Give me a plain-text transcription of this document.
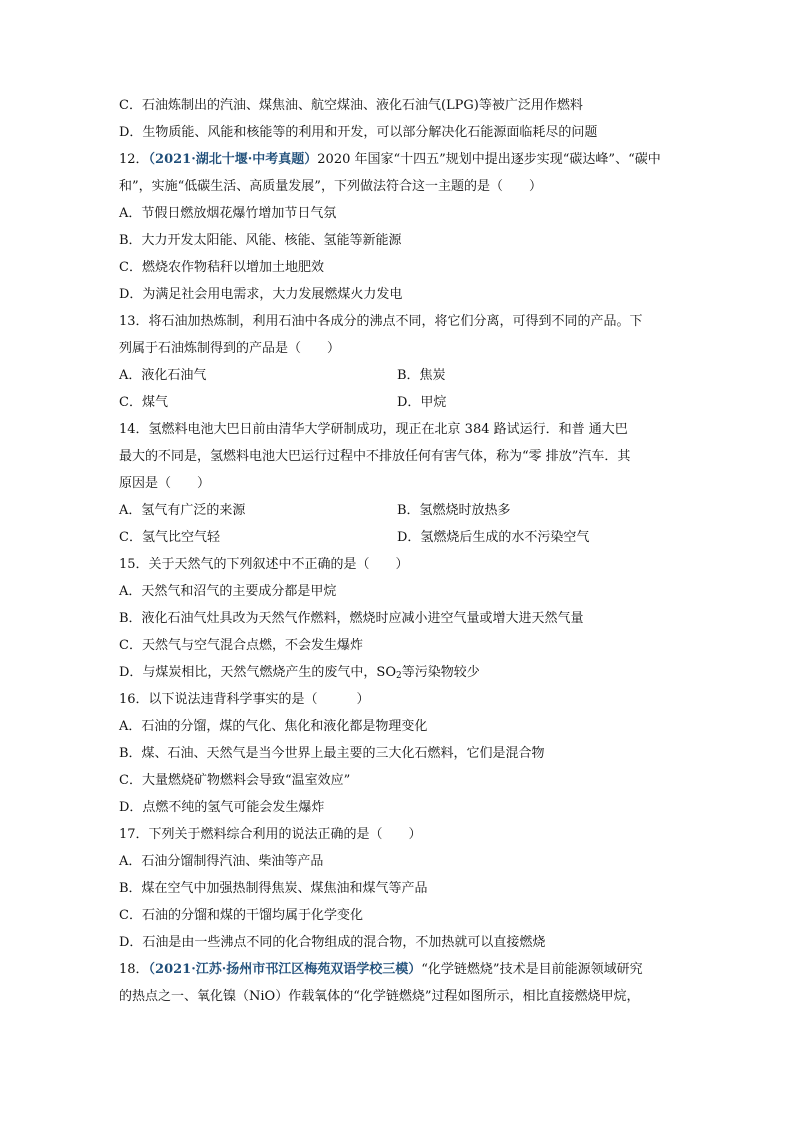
C．石油炼制出的汽油、煤焦油、航空煤油、液化石油气(LPG)等被广泛用作燃料
D．生物质能、风能和核能等的利用和开发，可以部分解决化石能源面临耗尽的问题
12．（2021·湖北十堰·中考真题）2020 年国家“十四五”规划中提出逐步实现“碳达峰”、“碳中
和”，实施“低碳生活、高质量发展”，下列做法符合这一主题的是（　　）
A．节假日燃放烟花爆竹增加节日气氛
B．大力开发太阳能、风能、核能、氢能等新能源
C．燃烧农作物秸秆以增加土地肥效
D．为满足社会用电需求，大力发展燃煤火力发电
13．将石油加热炼制，利用石油中各成分的沸点不同，将它们分离，可得到不同的产品。下
列属于石油炼制得到的产品是（　　）
A．液化石油气	B．焦炭
C．煤气	D．甲烷
14．氢燃料电池大巴日前由清华大学研制成功，现正在北京 384 路试运行．和普 通大巴
最大的不同是，氢燃料电池大巴运行过程中不排放任何有害气体，称为“零 排放”汽车．其
原因是（　　）
A．氢气有广泛的来源	B．氢燃烧时放热多
C．氢气比空气轻	D．氢燃烧后生成的水不污染空气
15．关于天然气的下列叙述中不正确的是（　　）
A．天然气和沼气的主要成分都是甲烷
B．液化石油气灶具改为天然气作燃料，燃烧时应减小进空气量或增大进天然气量
C．天然气与空气混合点燃，不会发生爆炸
D．与煤炭相比，天然气燃烧产生的废气中，$SO_2$等污染物较少
16．以下说法违背科学事实的是（　　　）
A．石油的分馏，煤的气化、焦化和液化都是物理变化
B．煤、石油、天然气是当今世界上最主要的三大化石燃料，它们是混合物
C．大量燃烧矿物燃料会导致“温室效应”
D．点燃不纯的氢气可能会发生爆炸
17．下列关于燃料综合利用的说法正确的是（　　）
A．石油分馏制得汽油、柴油等产品
B．煤在空气中加强热制得焦炭、煤焦油和煤气等产品
C．石油的分馏和煤的干馏均属于化学变化
D．石油是由一些沸点不同的化合物组成的混合物，不加热就可以直接燃烧
18．（2021·江苏·扬州市邗江区梅苑双语学校三模）“化学链燃烧”技术是目前能源领域研究
的热点之一、氧化镍（NiO）作载氧体的“化学链燃烧”过程如图所示，相比直接燃烧甲烷，
